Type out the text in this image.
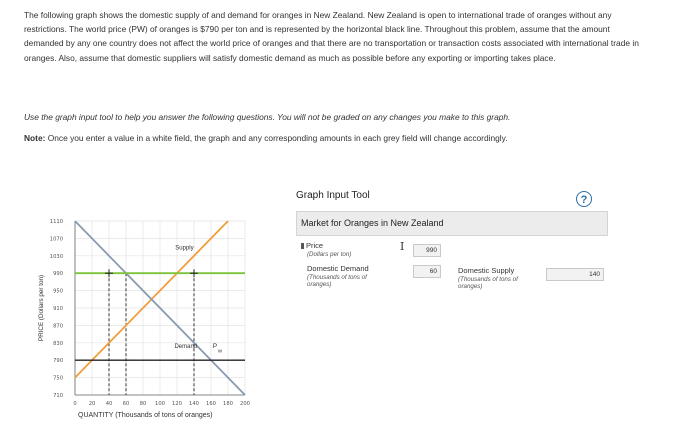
The following graph shows the domestic supply of and demand for oranges in New Zealand. New Zealand is open to international trade of oranges without any restrictions. The world price (PW) of oranges is $790 per ton and is represented by the horizontal black line. Throughout this problem, assume that the amount demanded by any one country does not affect the world price of oranges and that there are no transportation or transaction costs associated with international trade in oranges. Also, assume that domestic suppliers will satisfy domestic demand as much as possible before any exporting or importing takes place.

Use the graph input tool to help you answer the following questions. You will not be graded on any changes you make to this graph.

Note: Once you enter a value in a white field, the graph and any corresponding amounts in each grey field will change accordingly.

1110
1070
1030
990
950
910
870
830
790
750
710
0 20 40 60 80 100 120 140 160 180 200
PRICE (Dollars per ton)
QUANTITY (Thousands of tons of oranges)
Supply
Demand P
W
Graph Input Tool	?
Market for Oranges in New Zealand
Price
(Dollars per ton)
I	990
Domestic Demand
(Thousands of tons of oranges)
60	Domestic Supply
(Thousands of tons of oranges)
140
